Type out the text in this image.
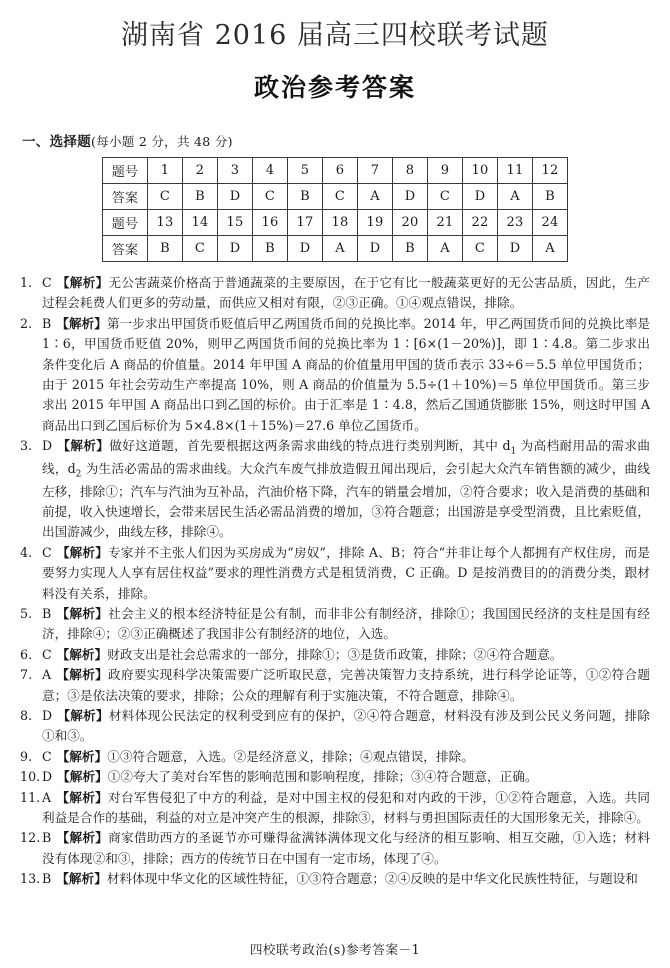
湖南省 2016 届高三四校联考试题
政治参考答案
一、选择题(每小题 2 分，共 48 分)
题号	1	2	3	4	5	6	7	8	9	10	11	12
答案	C	B	D	C	B	C	A	D	C	D	A	B
题号	13	14	15	16	17	18	19	20	21	22	23	24
答案	B	C	D	B	D	A	D	B	A	C	D	A
1. C 【解析】无公害蔬菜价格高于普通蔬菜的主要原因，在于它有比一般蔬菜更好的无公害品质，因此，生产过程会耗费人们更多的劳动量，而供应又相对有限，②③正确。①④观点错误，排除。
2. B 【解析】第一步求出甲国货币贬值后甲乙两国货币间的兑换比率。2014 年，甲乙两国货币间的兑换比率是 1∶6，甲国货币贬值 20%，则甲乙两国货币间的兑换比率为 1∶[6×(1－20%)]，即 1∶4.8。第二步求出条件变化后 A 商品的价值量。2014 年甲国 A 商品的价值量用甲国的货币表示 33÷6＝5.5 单位甲国货币；由于 2015 年社会劳动生产率提高 10%，则 A 商品的价值量为 5.5÷(1＋10%)＝5 单位甲国货币。第三步求出 2015 年甲国 A 商品出口到乙国的标价。由于汇率是 1∶4.8，然后乙国通货膨胀 15%，则这时甲国 A 商品出口到乙国后标价为 5×4.8×(1＋15%)＝27.6 单位乙国货币。
3. D 【解析】做好这道题，首先要根据这两条需求曲线的特点进行类别判断，其中 $d_1$ 为高档耐用品的需求曲线，$d_2$ 为生活必需品的需求曲线。大众汽车废气排放造假丑闻出现后，会引起大众汽车销售额的减少，曲线左移，排除①；汽车与汽油为互补品，汽油价格下降，汽车的销量会增加，②符合要求；收入是消费的基础和前提，收入快速增长，会带来居民生活必需品消费的增加，③符合题意；出国游是享受型消费，且比索贬值，出国游减少，曲线左移，排除④。
4. C 【解析】专家并不主张人们因为买房成为“房奴”，排除 A、B；符合“并非让每个人都拥有产权住房，而是要努力实现人人享有居住权益”要求的理性消费方式是租赁消费，C 正确。D 是按消费目的的消费分类，跟材料没有关系，排除。
5. B 【解析】社会主义的根本经济特征是公有制，而非非公有制经济，排除①；我国国民经济的支柱是国有经济，排除④；②③正确概述了我国非公有制经济的地位，入选。
6. C 【解析】财政支出是社会总需求的一部分，排除①；③是货币政策，排除；②④符合题意。
7. A 【解析】政府要实现科学决策需要广泛听取民意，完善决策智力支持系统，进行科学论证等，①②符合题意；③是依法决策的要求，排除；公众的理解有利于实施决策，不符合题意，排除④。
8. D 【解析】材料体现公民法定的权利受到应有的保护，②④符合题意，材料没有涉及到公民义务问题，排除①和③。
9. C 【解析】①③符合题意，入选。②是经济意义，排除；④观点错误，排除。
10. D 【解析】①②夸大了美对台军售的影响范围和影响程度，排除；③④符合题意，正确。
11. A 【解析】对台军售侵犯了中方的利益，是对中国主权的侵犯和对内政的干涉，①②符合题意，入选。共同利益是合作的基础，利益的对立是冲突产生的根源，排除③，材料与勇担国际责任的大国形象无关，排除④。
12. B 【解析】商家借助西方的圣诞节亦可赚得盆满钵满体现文化与经济的相互影响、相互交融，①入选；材料没有体现②和③，排除；西方的传统节日在中国有一定市场，体现了④。
13. B 【解析】材料体现中华文化的区域性特征，①③符合题意；②④反映的是中华文化民族性特征，与题设和
四校联考政治(s)参考答案－1
